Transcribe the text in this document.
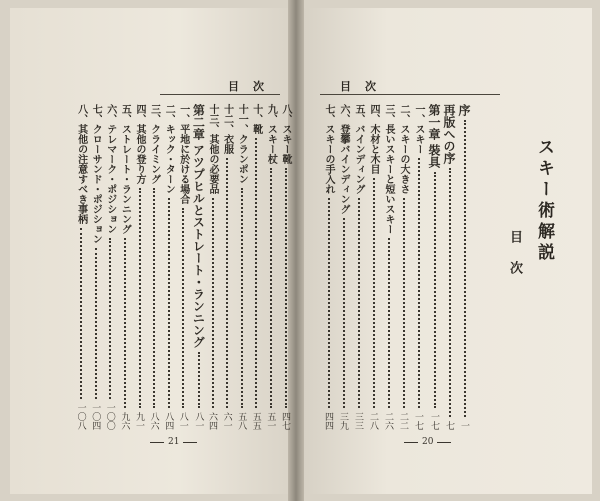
目次
目次
スキー術解説
目次
序
一
再版への序
七
第一章 裝具
一七
一、スキー
一七
二、スキーの大きさ
二二
三、長いスキーと短いスキー
二六
四、木材と木目
二八
五、バインディング
三三
六、登攀バインディング
三九
七、スキーの手入れ
四四
八、スキー靴
四七
九、スキー杖
五一
十、靴
五五
十一、クランポン
五八
十二、衣服
六一
十三、其他の必要品
六四
第二章 アツプヒルとストレート・ランニング
八一
一、平地に於ける場合
八一
二、キック・ターン
八四
三、クライミング
八六
四、其他の登り方
九一
五、ストレート・ランニング
九六
六、テレマーク・ポジション
一〇〇
七、クローサンド・ポジション
一〇四
八、其他の注意すべき事柄
一〇八
21	20
